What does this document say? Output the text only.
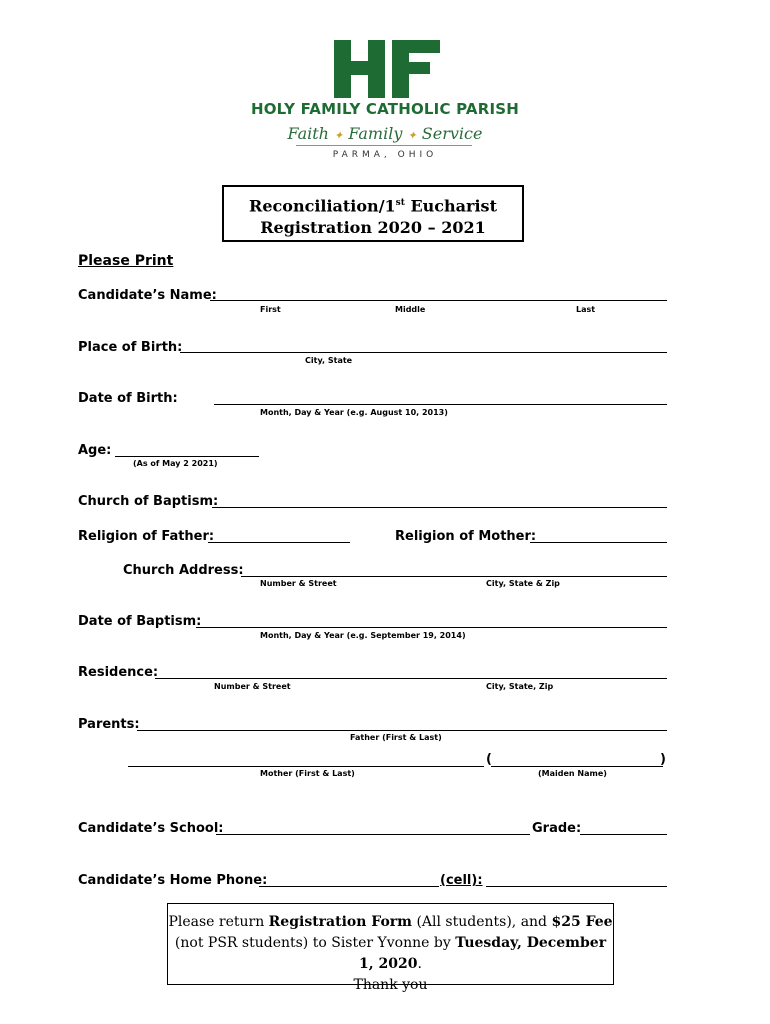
HOLY FAMILY CATHOLIC PARISH
Faith ✦ Family ✦ Service
PARMA, OHIO
Reconciliation/1st Eucharist
Registration 2020 – 2021
Please Print
Candidate’s Name:
First	Middle	Last
Place of Birth:
City, State
Date of Birth:
Month, Day & Year (e.g. August 10, 2013)
Age:
(As of May 2 2021)
Church of Baptism:
Religion of Father:	Religion of Mother:
Church Address:
Number & Street	City, State & Zip
Date of Baptism:
Month, Day & Year (e.g. September 19, 2014)
Residence:
Number & Street	City, State, Zip
Parents:
Father (First & Last)
(	)
Mother (First & Last)	(Maiden Name)
Candidate’s School:	Grade:
Candidate’s Home Phone:	(cell):
Please return Registration Form (All students), and $25 Fee (not PSR students) to Sister Yvonne by Tuesday, December 1, 2020.
Thank you
